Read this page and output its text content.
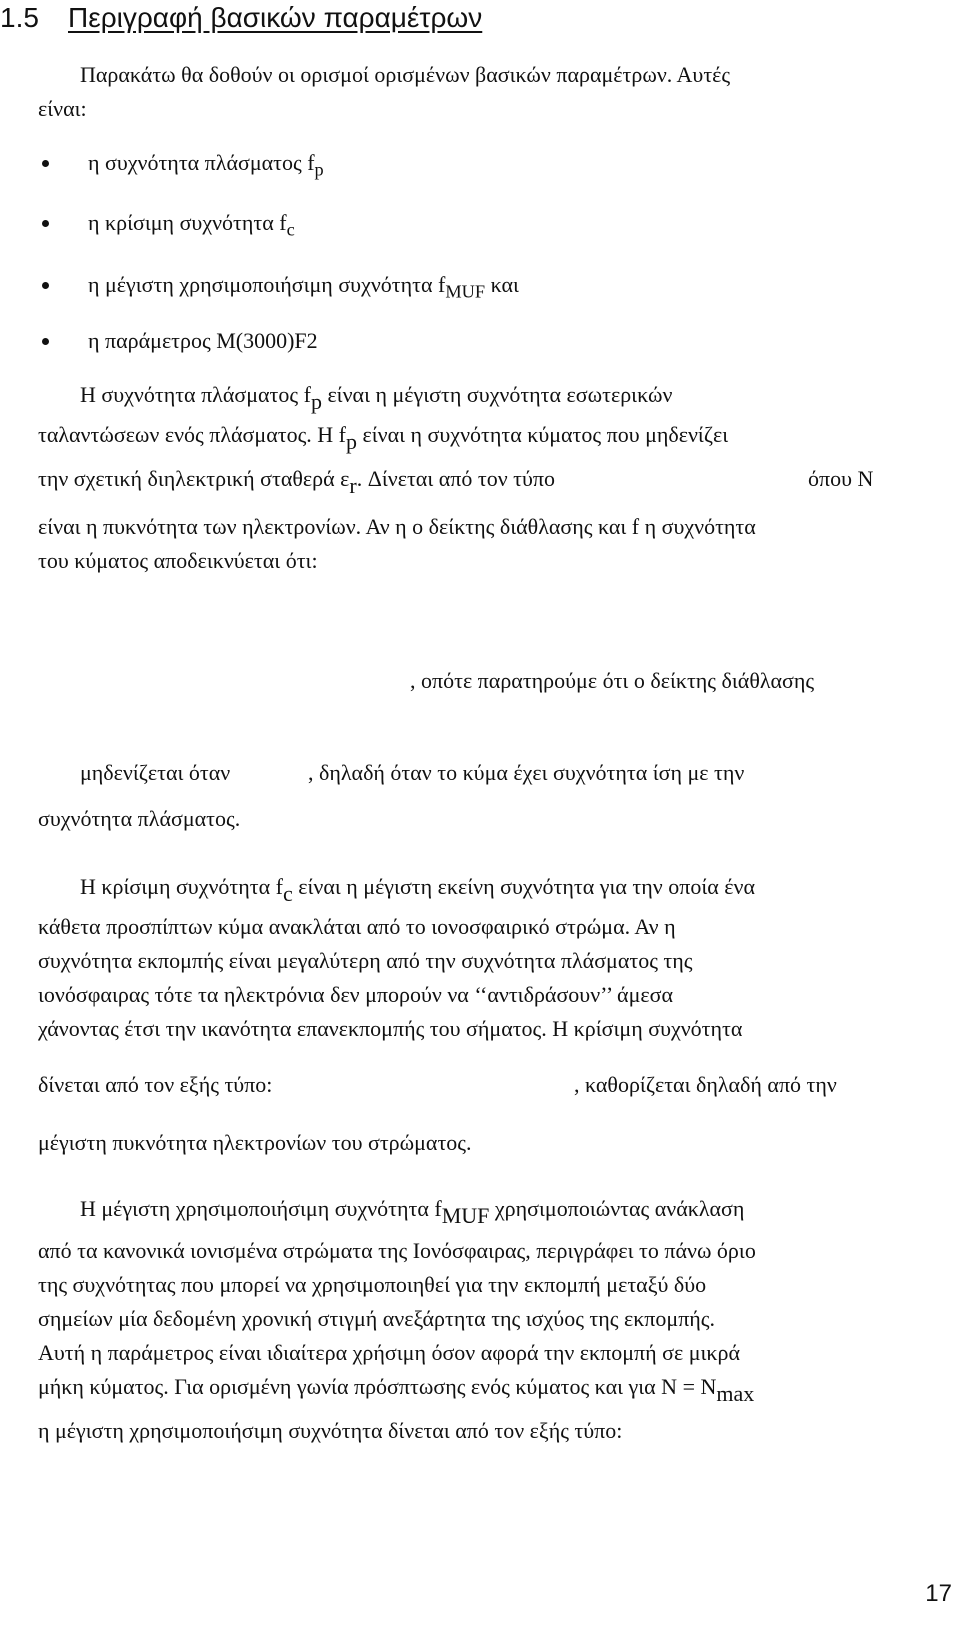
1.5 Περιγραφή βασικών παραμέτρων
Παρακάτω θα δοθούν οι ορισμοί ορισμένων βασικών παραμέτρων. Αυτές
είναι:
η συχνότητα πλάσματος $f_p$
η κρίσιμη συχνότητα $f_c$
η μέγιστη χρησιμοποιήσιμη συχνότητα $f_{MUF}$ και
η παράμετρος Μ(3000)F2
Η συχνότητα πλάσματος $f_p$ είναι η μέγιστη συχνότητα εσωτερικών
ταλαντώσεων ενός πλάσματος. Η $f_p$ είναι η συχνότητα κύματος που μηδενίζει
την σχετική διηλεκτρική σταθερά $\varepsilon_r$. Δίνεται από τον τύπο	όπου Ν
είναι η πυκνότητα των ηλεκτρονίων. Αν η ο δείκτης διάθλασης και f η συχνότητα
του κύματος αποδεικνύεται ότι:
, οπότε παρατηρούμε ότι ο δείκτης διάθλασης
μηδενίζεται όταν	, δηλαδή όταν το κύμα έχει συχνότητα ίση με την
συχνότητα πλάσματος.
Η κρίσιμη συχνότητα $f_c$ είναι η μέγιστη εκείνη συχνότητα για την οποία ένα
κάθετα προσπίπτων κύμα ανακλάται από το ιονοσφαιρικό στρώμα. Αν η
συχνότητα εκπομπής είναι μεγαλύτερη από την συχνότητα πλάσματος της
ιονόσφαιρας τότε τα ηλεκτρόνια δεν μπορούν να ‘‘αντιδράσουν’’ άμεσα
χάνοντας έτσι την ικανότητα επανεκπομπής του σήματος. Η κρίσιμη συχνότητα
δίνεται από τον εξής τύπο:	, καθορίζεται δηλαδή από την
μέγιστη πυκνότητα ηλεκτρονίων του στρώματος.
Η μέγιστη χρησιμοποιήσιμη συχνότητα $f_{MUF}$ χρησιμοποιώντας ανάκλαση
από τα κανονικά ιονισμένα στρώματα της Ιονόσφαιρας, περιγράφει το πάνω όριο
της συχνότητας που μπορεί να χρησιμοποιηθεί για την εκπομπή μεταξύ δύο
σημείων μία δεδομένη χρονική στιγμή ανεξάρτητα της ισχύος της εκπομπής.
Αυτή η παράμετρος είναι ιδιαίτερα χρήσιμη όσον αφορά την εκπομπή σε μικρά
μήκη κύματος. Για ορισμένη γωνία πρόσπτωσης ενός κύματος και για $N = N_{max}$
η μέγιστη χρησιμοποιήσιμη συχνότητα δίνεται από τον εξής τύπο:
17
